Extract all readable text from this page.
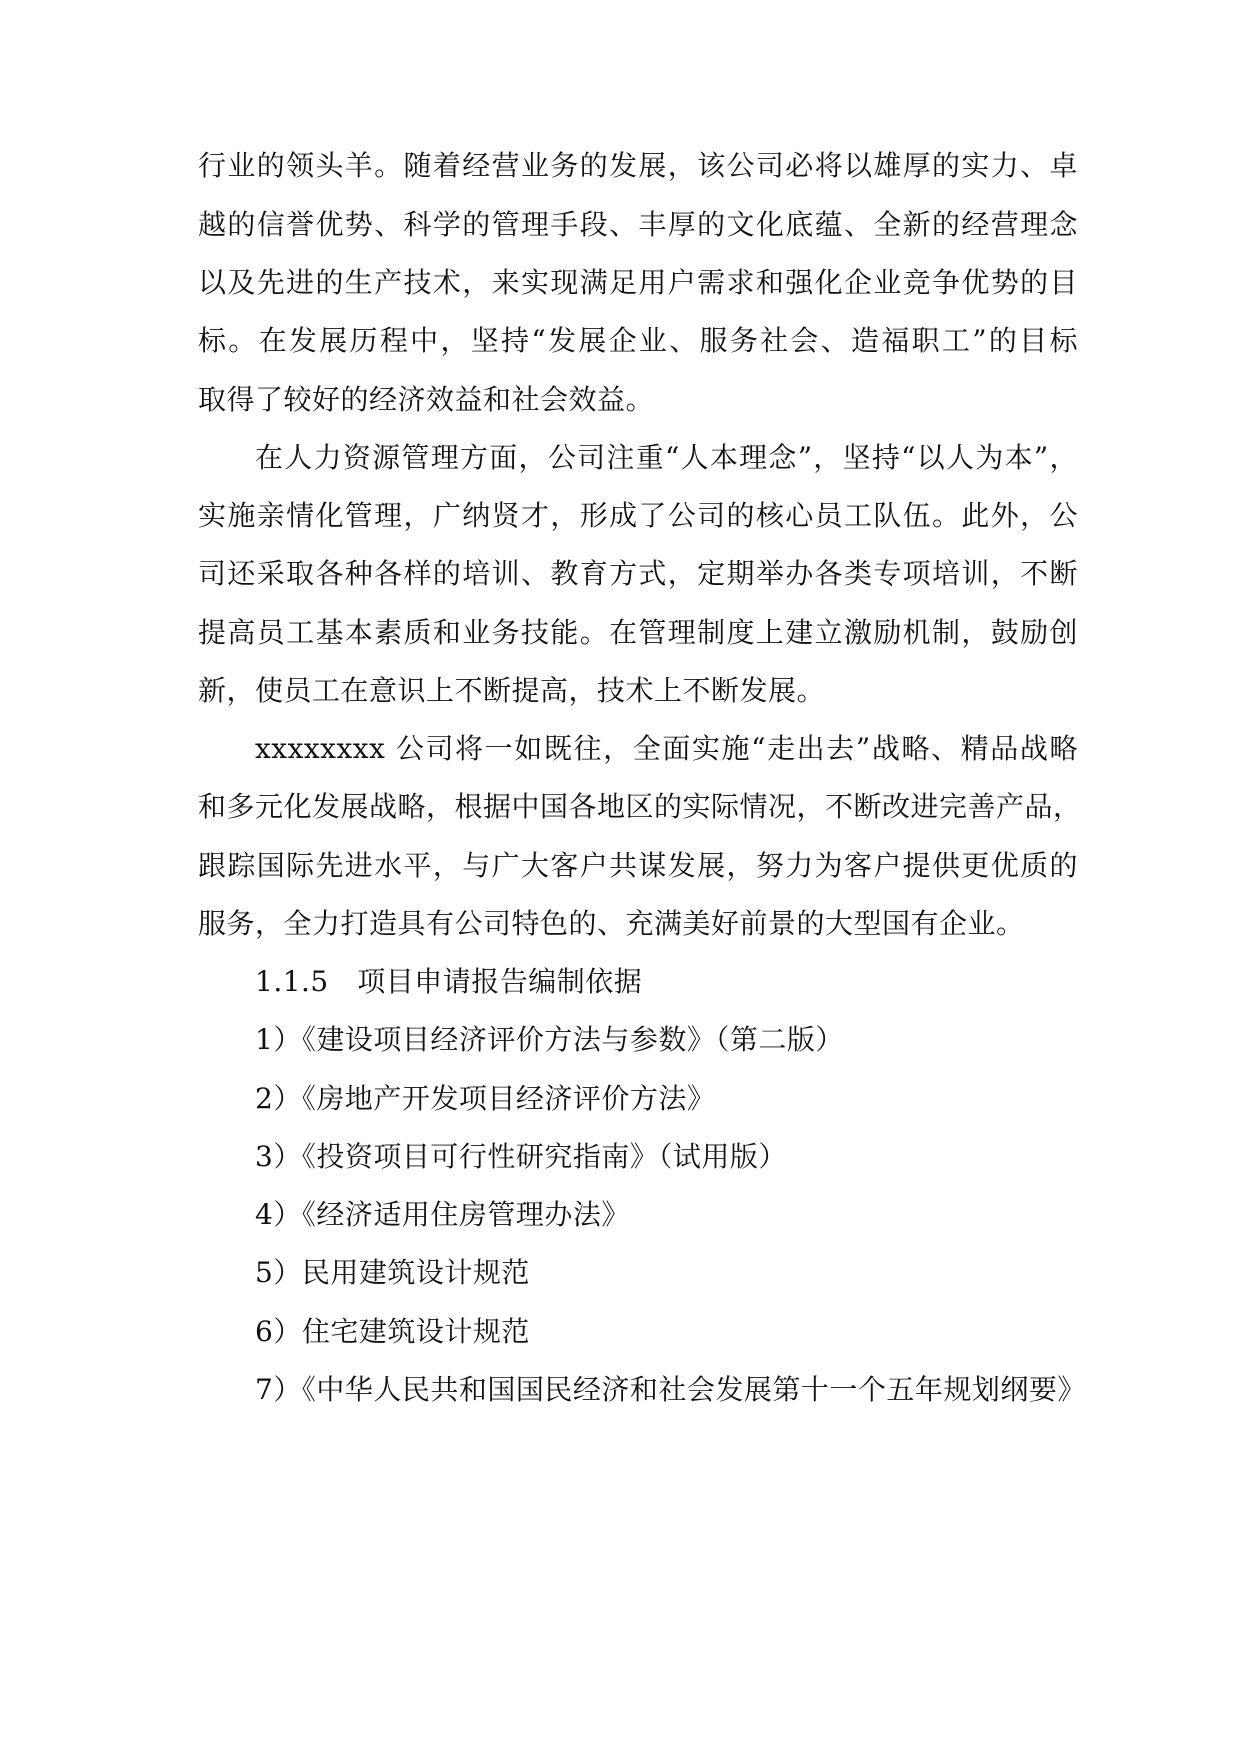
行业的领头羊。随着经营业务的发展，该公司必将以雄厚的实力、卓
越的信誉优势、科学的管理手段、丰厚的文化底蕴、全新的经营理念
以及先进的生产技术，来实现满足用户需求和强化企业竞争优势的目
标。在发展历程中，坚持“发展企业、服务社会、造福职工”的目标
取得了较好的经济效益和社会效益。
在人力资源管理方面，公司注重“人本理念”，坚持“以人为本”，
实施亲情化管理，广纳贤才，形成了公司的核心员工队伍。此外，公
司还采取各种各样的培训、教育方式，定期举办各类专项培训，不断
提高员工基本素质和业务技能。在管理制度上建立激励机制，鼓励创
新，使员工在意识上不断提高，技术上不断发展。
xxxxxxxx 公司将一如既往，全面实施“走出去”战略、精品战略
和多元化发展战略，根据中国各地区的实际情况，不断改进完善产品，
跟踪国际先进水平，与广大客户共谋发展，努力为客户提供更优质的
服务，全力打造具有公司特色的、充满美好前景的大型国有企业。
1.1.5　项目申请报告编制依据
1）《建设项目经济评价方法与参数》（第二版）
2）《房地产开发项目经济评价方法》
3）《投资项目可行性研究指南》（试用版）
4）《经济适用住房管理办法》
5）民用建筑设计规范
6）住宅建筑设计规范
7）《中华人民共和国国民经济和社会发展第十一个五年规划纲要》
